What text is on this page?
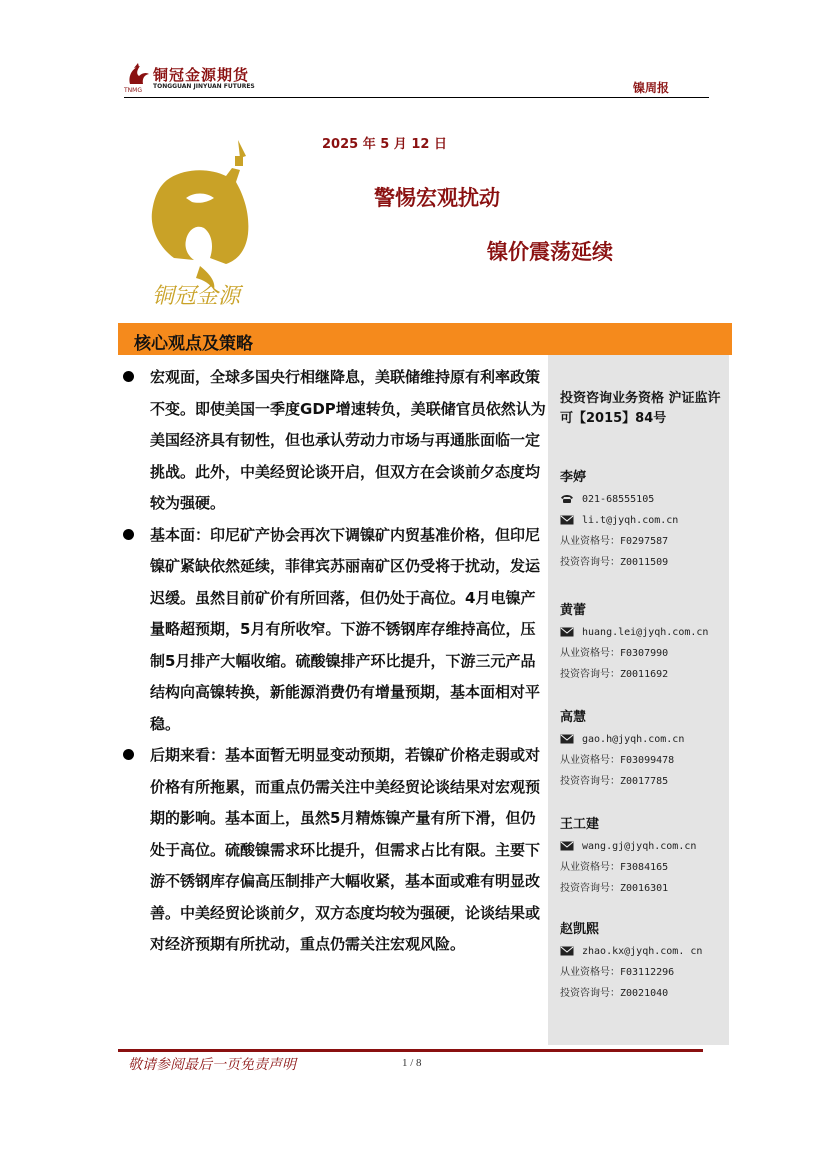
TNMG
铜冠金源期货
TONGGUAN JINYUAN FUTURES	镍周报
铜冠金源
2025 年 5 月 12 日
警惕宏观扰动
镍价震荡延续
核心观点及策略

宏观面，全球多国央行相继降息，美联储维持原有利率政策不变。即使美国一季度GDP增速转负，美联储官员依然认为美国经济具有韧性，但也承认劳动力市场与再通胀面临一定挑战。此外，中美经贸论谈开启，但双方在会谈前夕态度均较为强硬。

基本面：印尼矿产协会再次下调镍矿内贸基准价格，但印尼镍矿紧缺依然延续，菲律宾苏丽南矿区仍受将于扰动，发运迟缓。虽然目前矿价有所回落，但仍处于高位。4月电镍产量略超预期，5月有所收窄。下游不锈钢库存维持高位，压制5月排产大幅收缩。硫酸镍排产环比提升，下游三元产品结构向高镍转换，新能源消费仍有增量预期，基本面相对平稳。

后期来看：基本面暂无明显变动预期，若镍矿价格走弱或对价格有所拖累，而重点仍需关注中美经贸论谈结果对宏观预期的影响。基本面上，虽然5月精炼镍产量有所下滑，但仍处于高位。硫酸镍需求环比提升，但需求占比有限。主要下游不锈钢库存偏高压制排产大幅收紧，基本面或难有明显改善。中美经贸论谈前夕，双方态度均较为强硬，论谈结果或对经济预期有所扰动，重点仍需关注宏观风险。

投资咨询业务资格 沪证监许可【2015】84号
李婷
021-68555105
li.t@jyqh.com.cn
从业资格号：F0297587
投资咨询号：Z0011509
黄蕾
huang.lei@jyqh.com.cn
从业资格号：F0307990
投资咨询号：Z0011692
高慧
gao.h@jyqh.com.cn
从业资格号：F03099478
投资咨询号：Z0017785
王工建
wang.gj@jyqh.com.cn
从业资格号：F3084165
投资咨询号：Z0016301
赵凯熙
zhao.kx@jyqh.com. cn
从业资格号：F03112296
投资咨询号：Z0021040
敬请参阅最后一页免责声明	1 / 8
